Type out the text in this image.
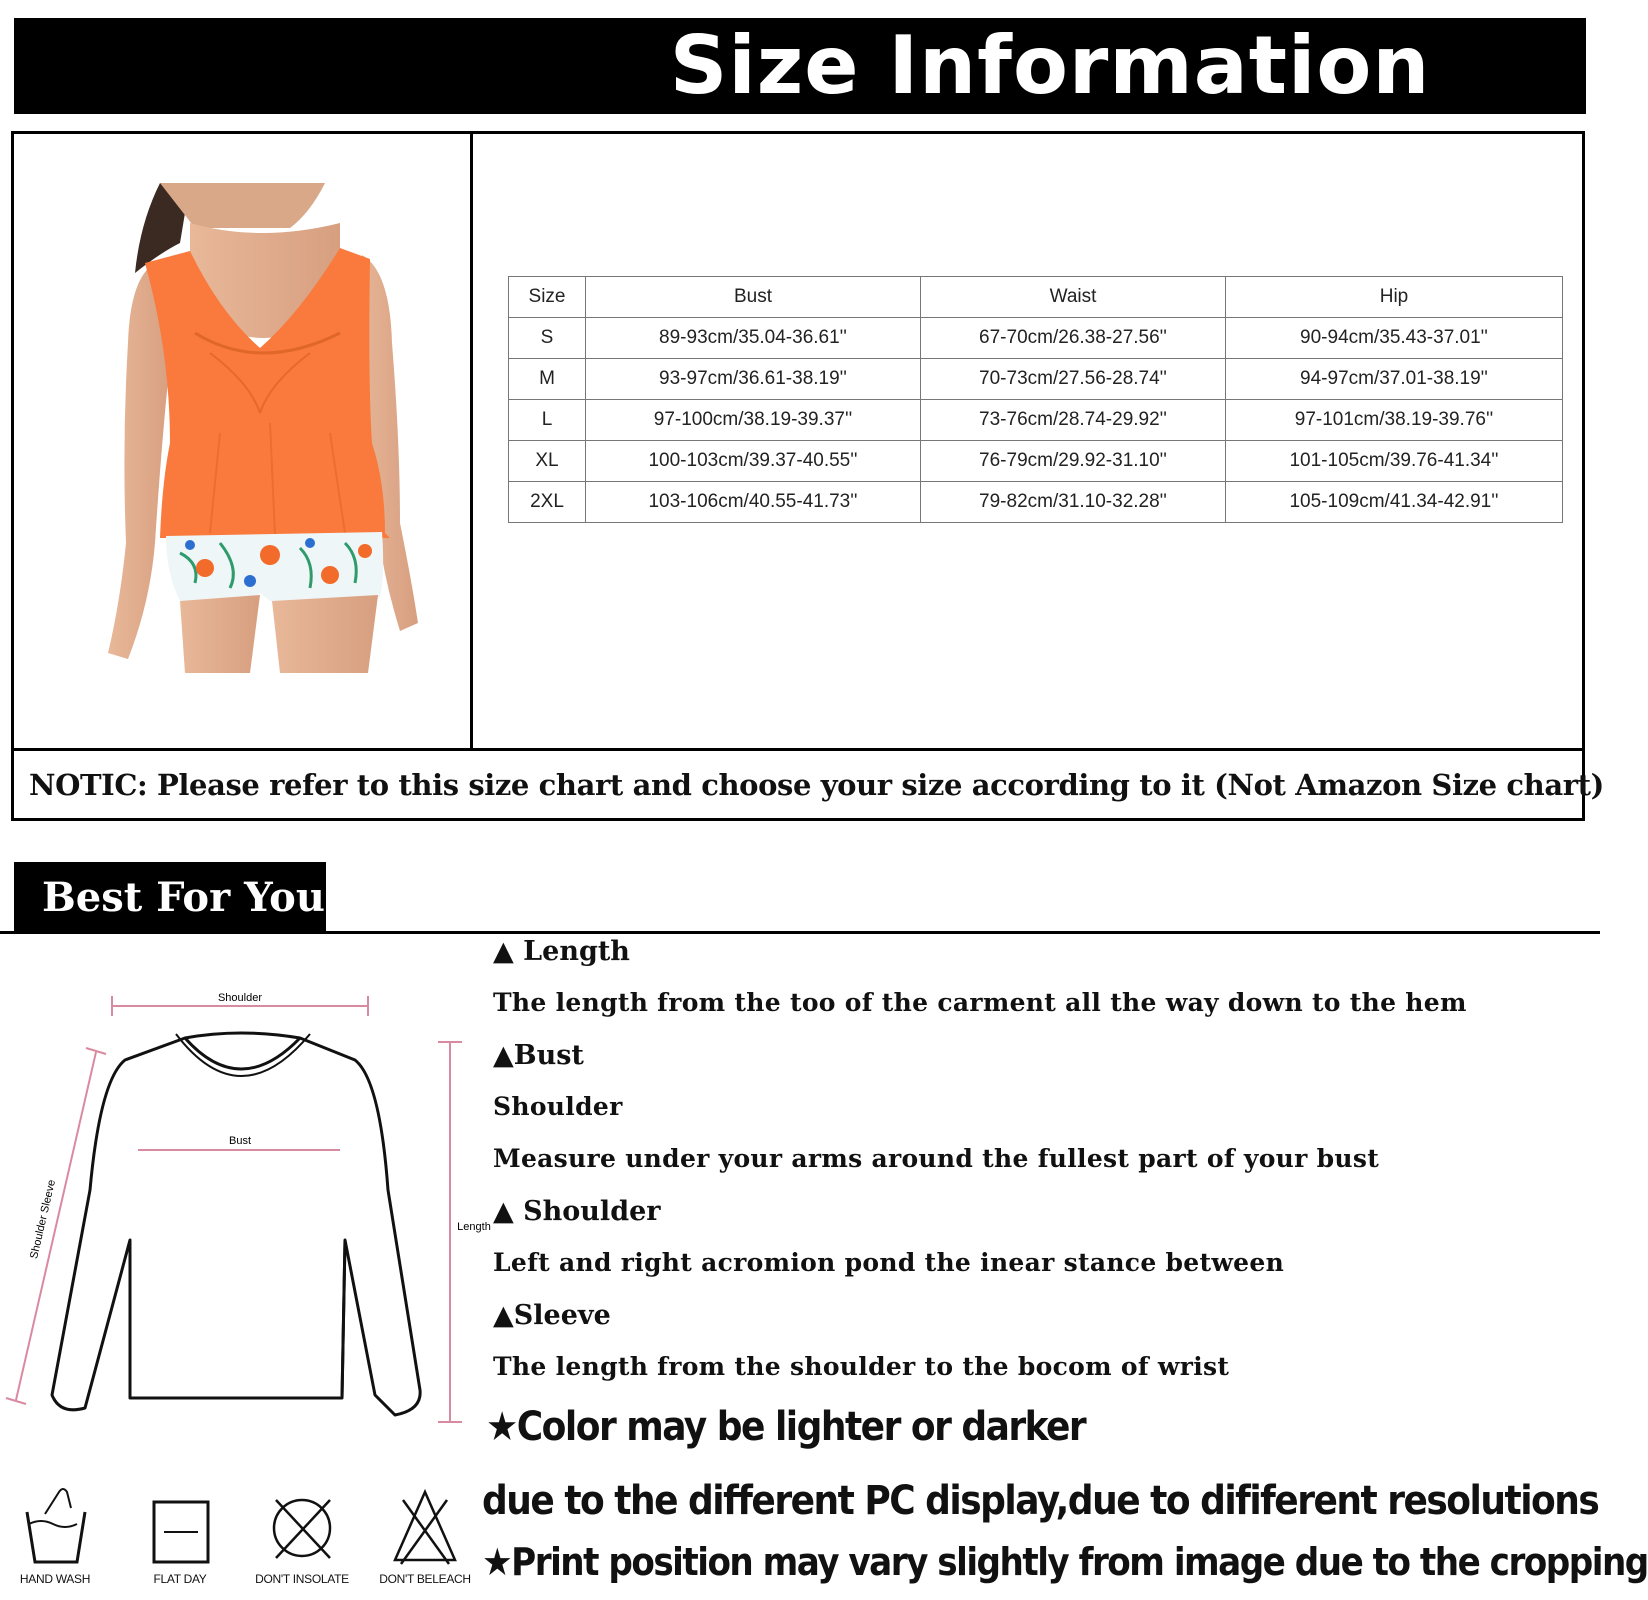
Size Information
Size	Bust	Waist	Hip
S	89-93cm/35.04-36.61''	67-70cm/26.38-27.56''	90-94cm/35.43-37.01''
M	93-97cm/36.61-38.19''	70-73cm/27.56-28.74''	94-97cm/37.01-38.19''
L	97-100cm/38.19-39.37''	73-76cm/28.74-29.92''	97-101cm/38.19-39.76''
XL	100-103cm/39.37-40.55''	76-79cm/29.92-31.10''	101-105cm/39.76-41.34''
2XL	103-106cm/40.55-41.73''	79-82cm/31.10-32.28''	105-109cm/41.34-42.91''
NOTIC: Please refer to this size chart and choose your size according to it (Not Amazon Size chart)
Best For You
Shoulder
Bust
Length
Shoulder Sleeve
▲ Length
The length from the too of the carment all the way down to the hem
▲Bust
Shoulder
Measure under your arms around the fullest part of your bust
▲ Shoulder
Left and right acromion pond the inear stance between
▲Sleeve
The length from the shoulder to the bocom of wrist
★Color may be lighter or darker
due to the different PC display,due to dififerent resolutions
★Print position may vary slightly from image due to the cropping
HAND WASH	FLAT DAY	DON'T INSOLATE	DON'T BELEACH
